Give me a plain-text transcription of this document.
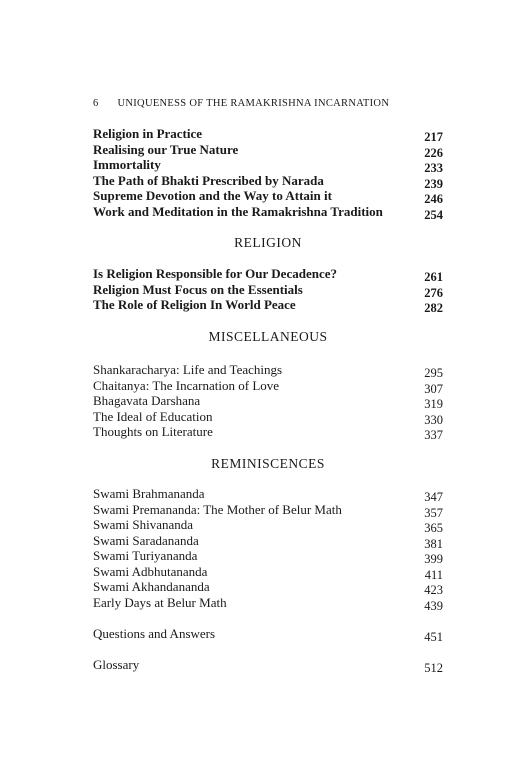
6 UNIQUENESS OF THE RAMAKRISHNA INCARNATION
Religion in Practice	217
Realising our True Nature	226
Immortality	233
The Path of Bhakti Prescribed by Narada	239
Supreme Devotion and the Way to Attain it	246
Work and Meditation in the Ramakrishna Tradition	254
RELIGION
Is Religion Responsible for Our Decadence?	261
Religion Must Focus on the Essentials	276
The Role of Religion In World Peace	282
MISCELLANEOUS
Shankaracharya: Life and Teachings	295
Chaitanya: The Incarnation of Love	307
Bhagavata Darshana	319
The Ideal of Education	330
Thoughts on Literature	337
REMINISCENCES
Swami Brahmananda	347
Swami Premananda: The Mother of Belur Math	357
Swami Shivananda	365
Swami Saradananda	381
Swami Turiyananda	399
Swami Adbhutananda	411
Swami Akhandananda	423
Early Days at Belur Math	439
Questions and Answers	451
Glossary	512
